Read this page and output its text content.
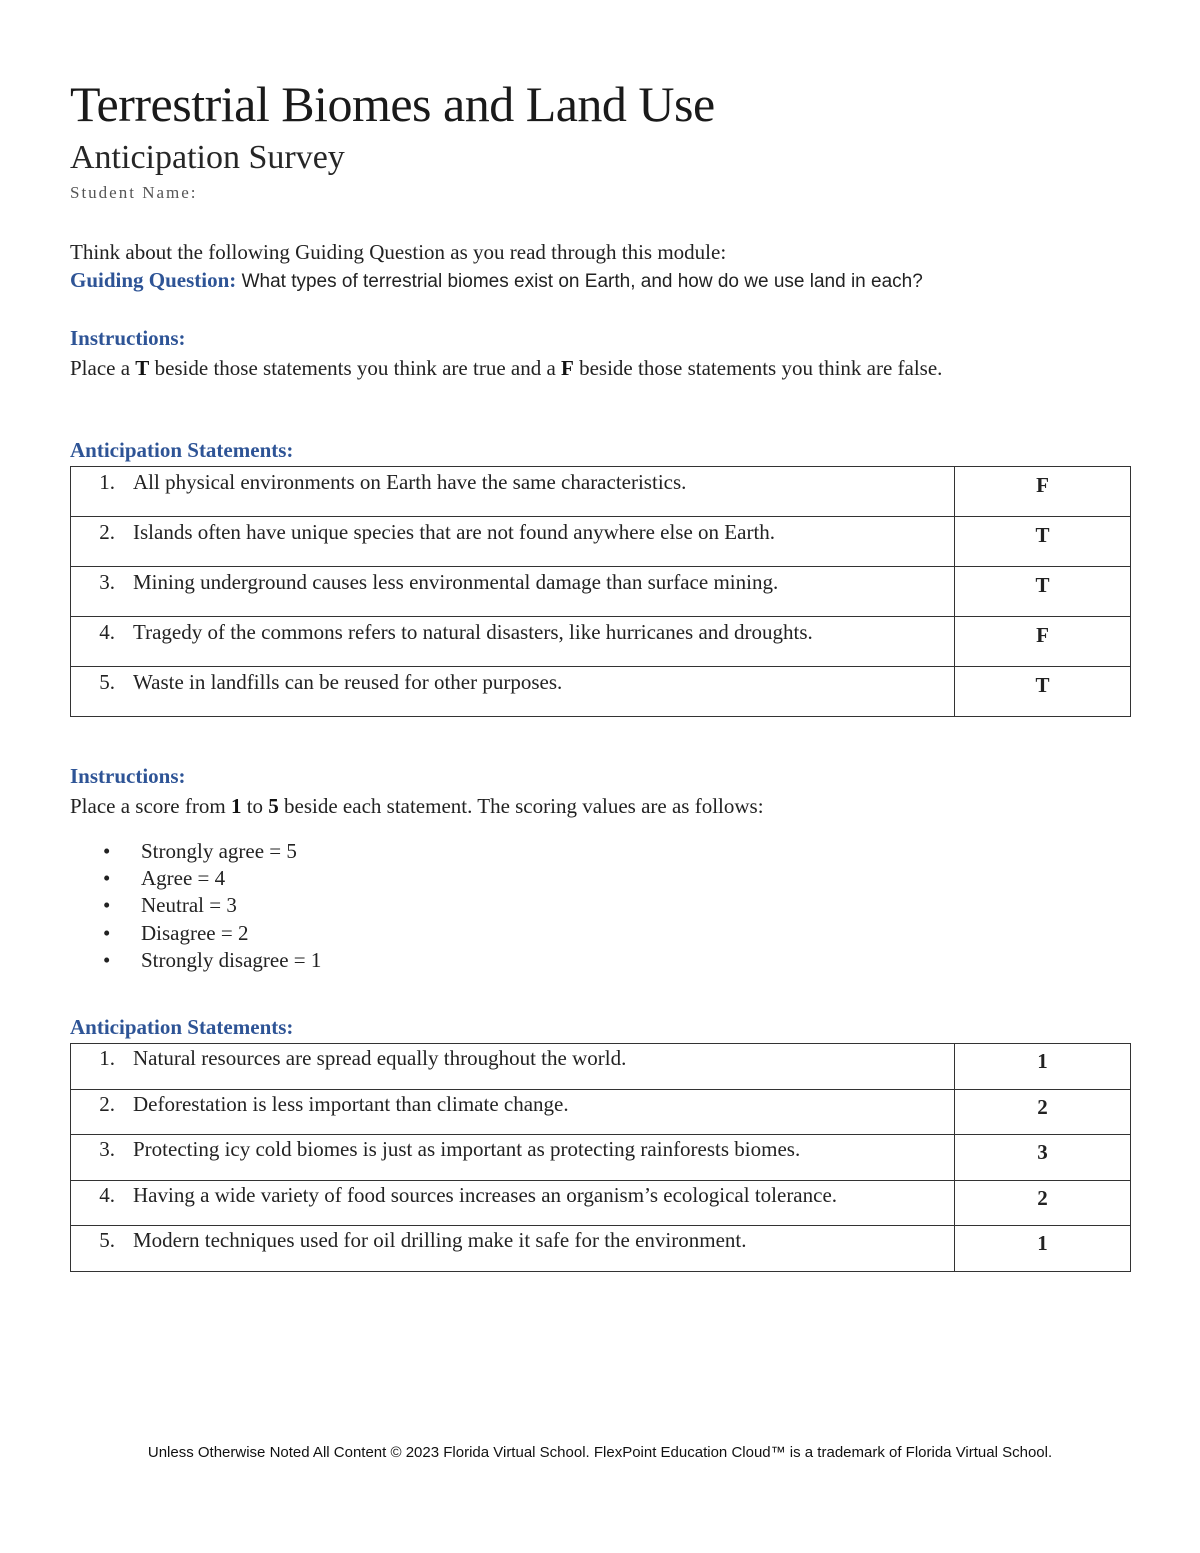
Terrestrial Biomes and Land Use
Anticipation Survey
Student Name:
Think about the following Guiding Question as you read through this module:
Guiding Question: What types of terrestrial biomes exist on Earth, and how do we use land in each?
Instructions:
Place a T beside those statements you think are true and a F beside those statements you think are false.
Anticipation Statements:
1. All physical environments on Earth have the same characteristics.	F

2. Islands often have unique species that are not found anywhere else on Earth.	T

3. Mining underground causes less environmental damage than surface mining.	T

4. Tragedy of the commons refers to natural disasters, like hurricanes and droughts.	F

5. Waste in landfills can be reused for other purposes.	T
Instructions:
Place a score from 1 to 5 beside each statement. The scoring values are as follows:
• Strongly agree = 5
• Agree = 4
• Neutral = 3
• Disagree = 2
• Strongly disagree = 1
Anticipation Statements:
1. Natural resources are spread equally throughout the world.	1

2. Deforestation is less important than climate change.	2

3. Protecting icy cold biomes is just as important as protecting rainforests biomes.	3

4. Having a wide variety of food sources increases an organism’s ecological tolerance.	2

5. Modern techniques used for oil drilling make it safe for the environment.	1
Unless Otherwise Noted All Content © 2023 Florida Virtual School. FlexPoint Education Cloud™ is a trademark of Florida Virtual School.
